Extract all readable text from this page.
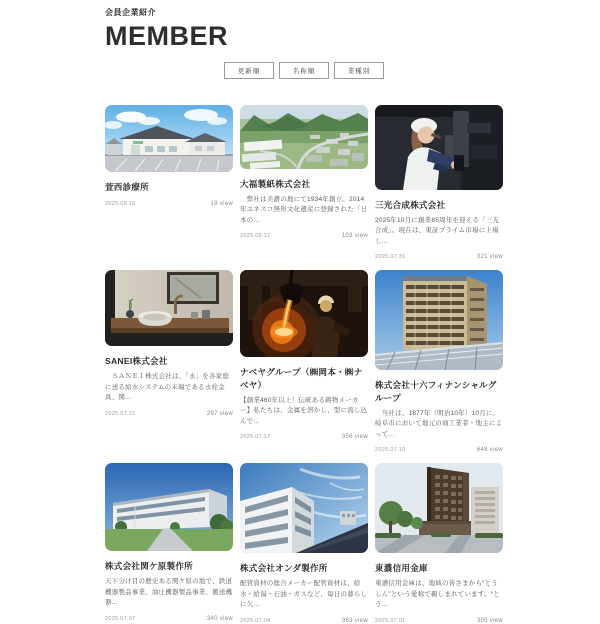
会員企業紹介
MEMBER
更新順	名称順	業種別
萱西診療所
2025.09.16	19 view
大福製紙株式会社
　弊社は美濃の地にて1934年創立。2014年ユネスコ無形文化遺産に登録された「日本の...
2025.08.12	103 view
三光合成株式会社
2025年10月に創業85周年を迎える「三光合成」。現在は、東証プライム市場に上場し...
2025.07.31	321 view
SANEI株式会社
　ＳＡＮＥＩ株式会社は、「水」を各家庭に送る給水システムの末端である水栓金具、関...
2025.07.21	297 view
ナベヤグループ（㈱岡本・㈱ナベヤ）
【創業460年以上！伝統ある鋳物メーカー】私たちは、金属を溶かし、型に流し込んで...
2025.07.17	356 view
株式会社十六フィナンシャルグループ
　当社は、1877年（明治10年）10月に、岐阜市において地元の商工業者・地主によって...
2025.07.10	648 view
株式会社関ケ原製作所
天下分け目の歴史ある関ケ原の地で、鉄道機器製品事業、油圧機器製品事業、搬送機器...
2025.07.07	340 view
株式会社オンダ製作所
配管資材の総合メーカー配管資材は、給水・給湯・石油・ガスなど、毎日の暮らしに欠...
2025.07.04	363 view
東濃信用金庫
東濃信用金庫は、地域の皆さまから“とうしん”という愛称で親しまれています。“とう...
2025.07.01	305 view
